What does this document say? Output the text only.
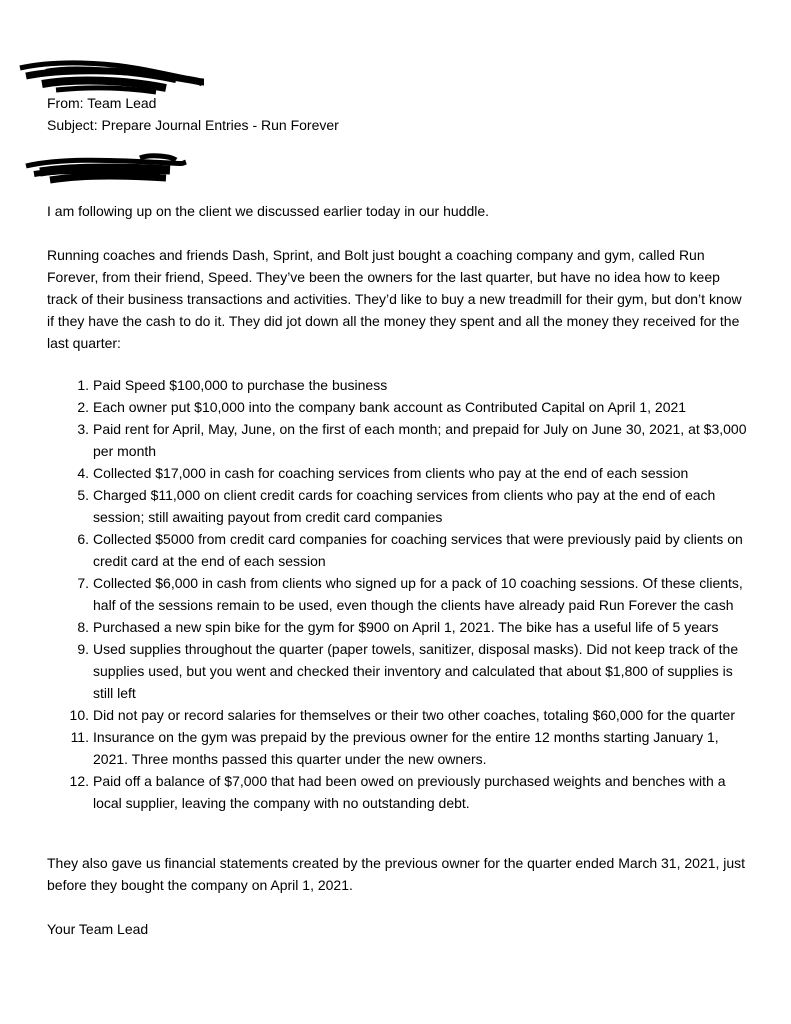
From: Team Lead
Subject: Prepare Journal Entries - Run Forever

I am following up on the client we discussed earlier today in our huddle.

Running coaches and friends Dash, Sprint, and Bolt just bought a coaching company and gym, called Run Forever, from their friend, Speed. They’ve been the owners for the last quarter, but have no idea how to keep track of their business transactions and activities. They’d like to buy a new treadmill for their gym, but don’t know if they have the cash to do it. They did jot down all the money they spent and all the money they received for the last quarter:

1. Paid Speed $100,000 to purchase the business
2. Each owner put $10,000 into the company bank account as Contributed Capital on April 1, 2021
3. Paid rent for April, May, June, on the first of each month; and prepaid for July on June 30, 2021, at $3,000 per month
4. Collected $17,000 in cash for coaching services from clients who pay at the end of each session
5. Charged $11,000 on client credit cards for coaching services from clients who pay at the end of each session; still awaiting payout from credit card companies
6. Collected $5000 from credit card companies for coaching services that were previously paid by clients on credit card at the end of each session
7. Collected $6,000 in cash from clients who signed up for a pack of 10 coaching sessions. Of these clients, half of the sessions remain to be used, even though the clients have already paid Run Forever the cash
8. Purchased a new spin bike for the gym for $900 on April 1, 2021. The bike has a useful life of 5 years
9. Used supplies throughout the quarter (paper towels, sanitizer, disposal masks). Did not keep track of the supplies used, but you went and checked their inventory and calculated that about $1,800 of supplies is still left
10. Did not pay or record salaries for themselves or their two other coaches, totaling $60,000 for the quarter
11. Insurance on the gym was prepaid by the previous owner for the entire 12 months starting January 1, 2021. Three months passed this quarter under the new owners.
12. Paid off a balance of $7,000 that had been owed on previously purchased weights and benches with a local supplier, leaving the company with no outstanding debt.

They also gave us financial statements created by the previous owner for the quarter ended March 31, 2021, just before they bought the company on April 1, 2021.

Your Team Lead
